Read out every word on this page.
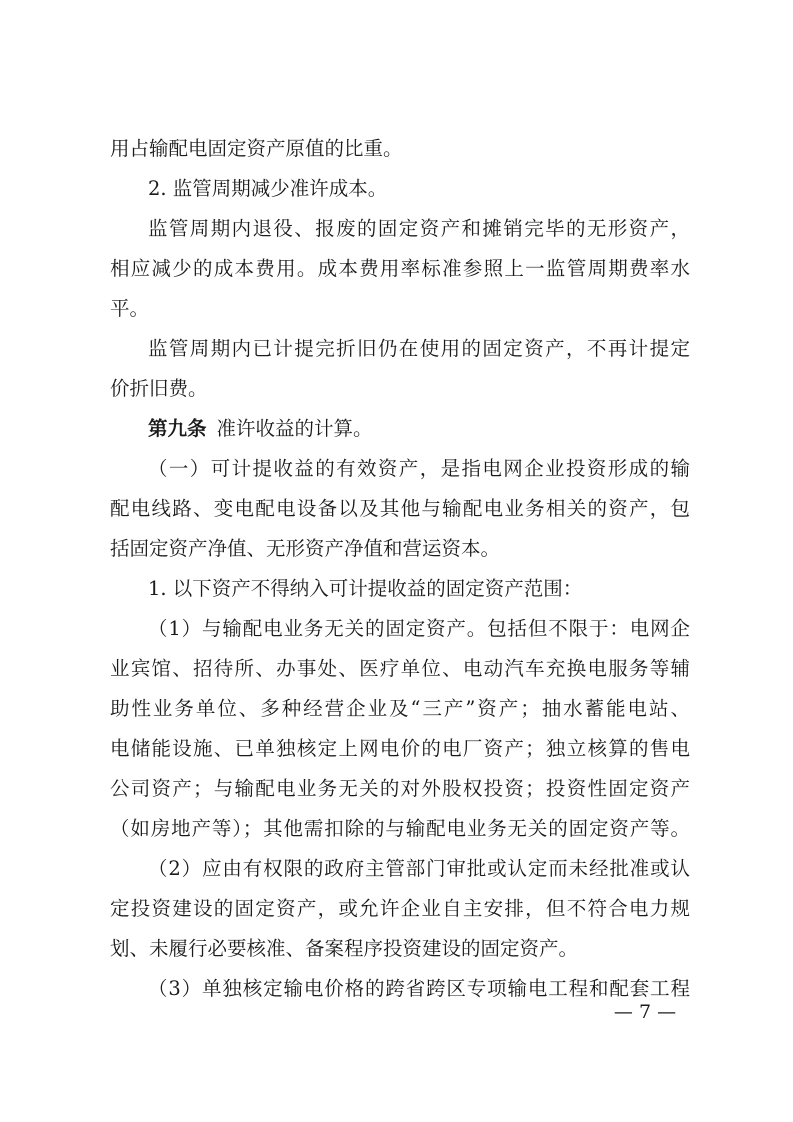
用占输配电固定资产原值的比重。
2. 监管周期减少准许成本。
监管周期内退役、报废的固定资产和摊销完毕的无形资产，
相应减少的成本费用。成本费用率标准参照上一监管周期费率水
平。
监管周期内已计提完折旧仍在使用的固定资产，不再计提定
价折旧费。
第九条 准许收益的计算。
（一）可计提收益的有效资产，是指电网企业投资形成的输
配电线路、变电配电设备以及其他与输配电业务相关的资产，包
括固定资产净值、无形资产净值和营运资本。
1. 以下资产不得纳入可计提收益的固定资产范围：
（1）与输配电业务无关的固定资产。包括但不限于：电网企
业宾馆、招待所、办事处、医疗单位、电动汽车充换电服务等辅
助性业务单位、多种经营企业及“三产”资产；抽水蓄能电站、
电储能设施、已单独核定上网电价的电厂资产；独立核算的售电
公司资产；与输配电业务无关的对外股权投资；投资性固定资产
（如房地产等）；其他需扣除的与输配电业务无关的固定资产等。
（2）应由有权限的政府主管部门审批或认定而未经批准或认
定投资建设的固定资产，或允许企业自主安排，但不符合电力规
划、未履行必要核准、备案程序投资建设的固定资产。
（3）单独核定输电价格的跨省跨区专项输电工程和配套工程
— 7 —
